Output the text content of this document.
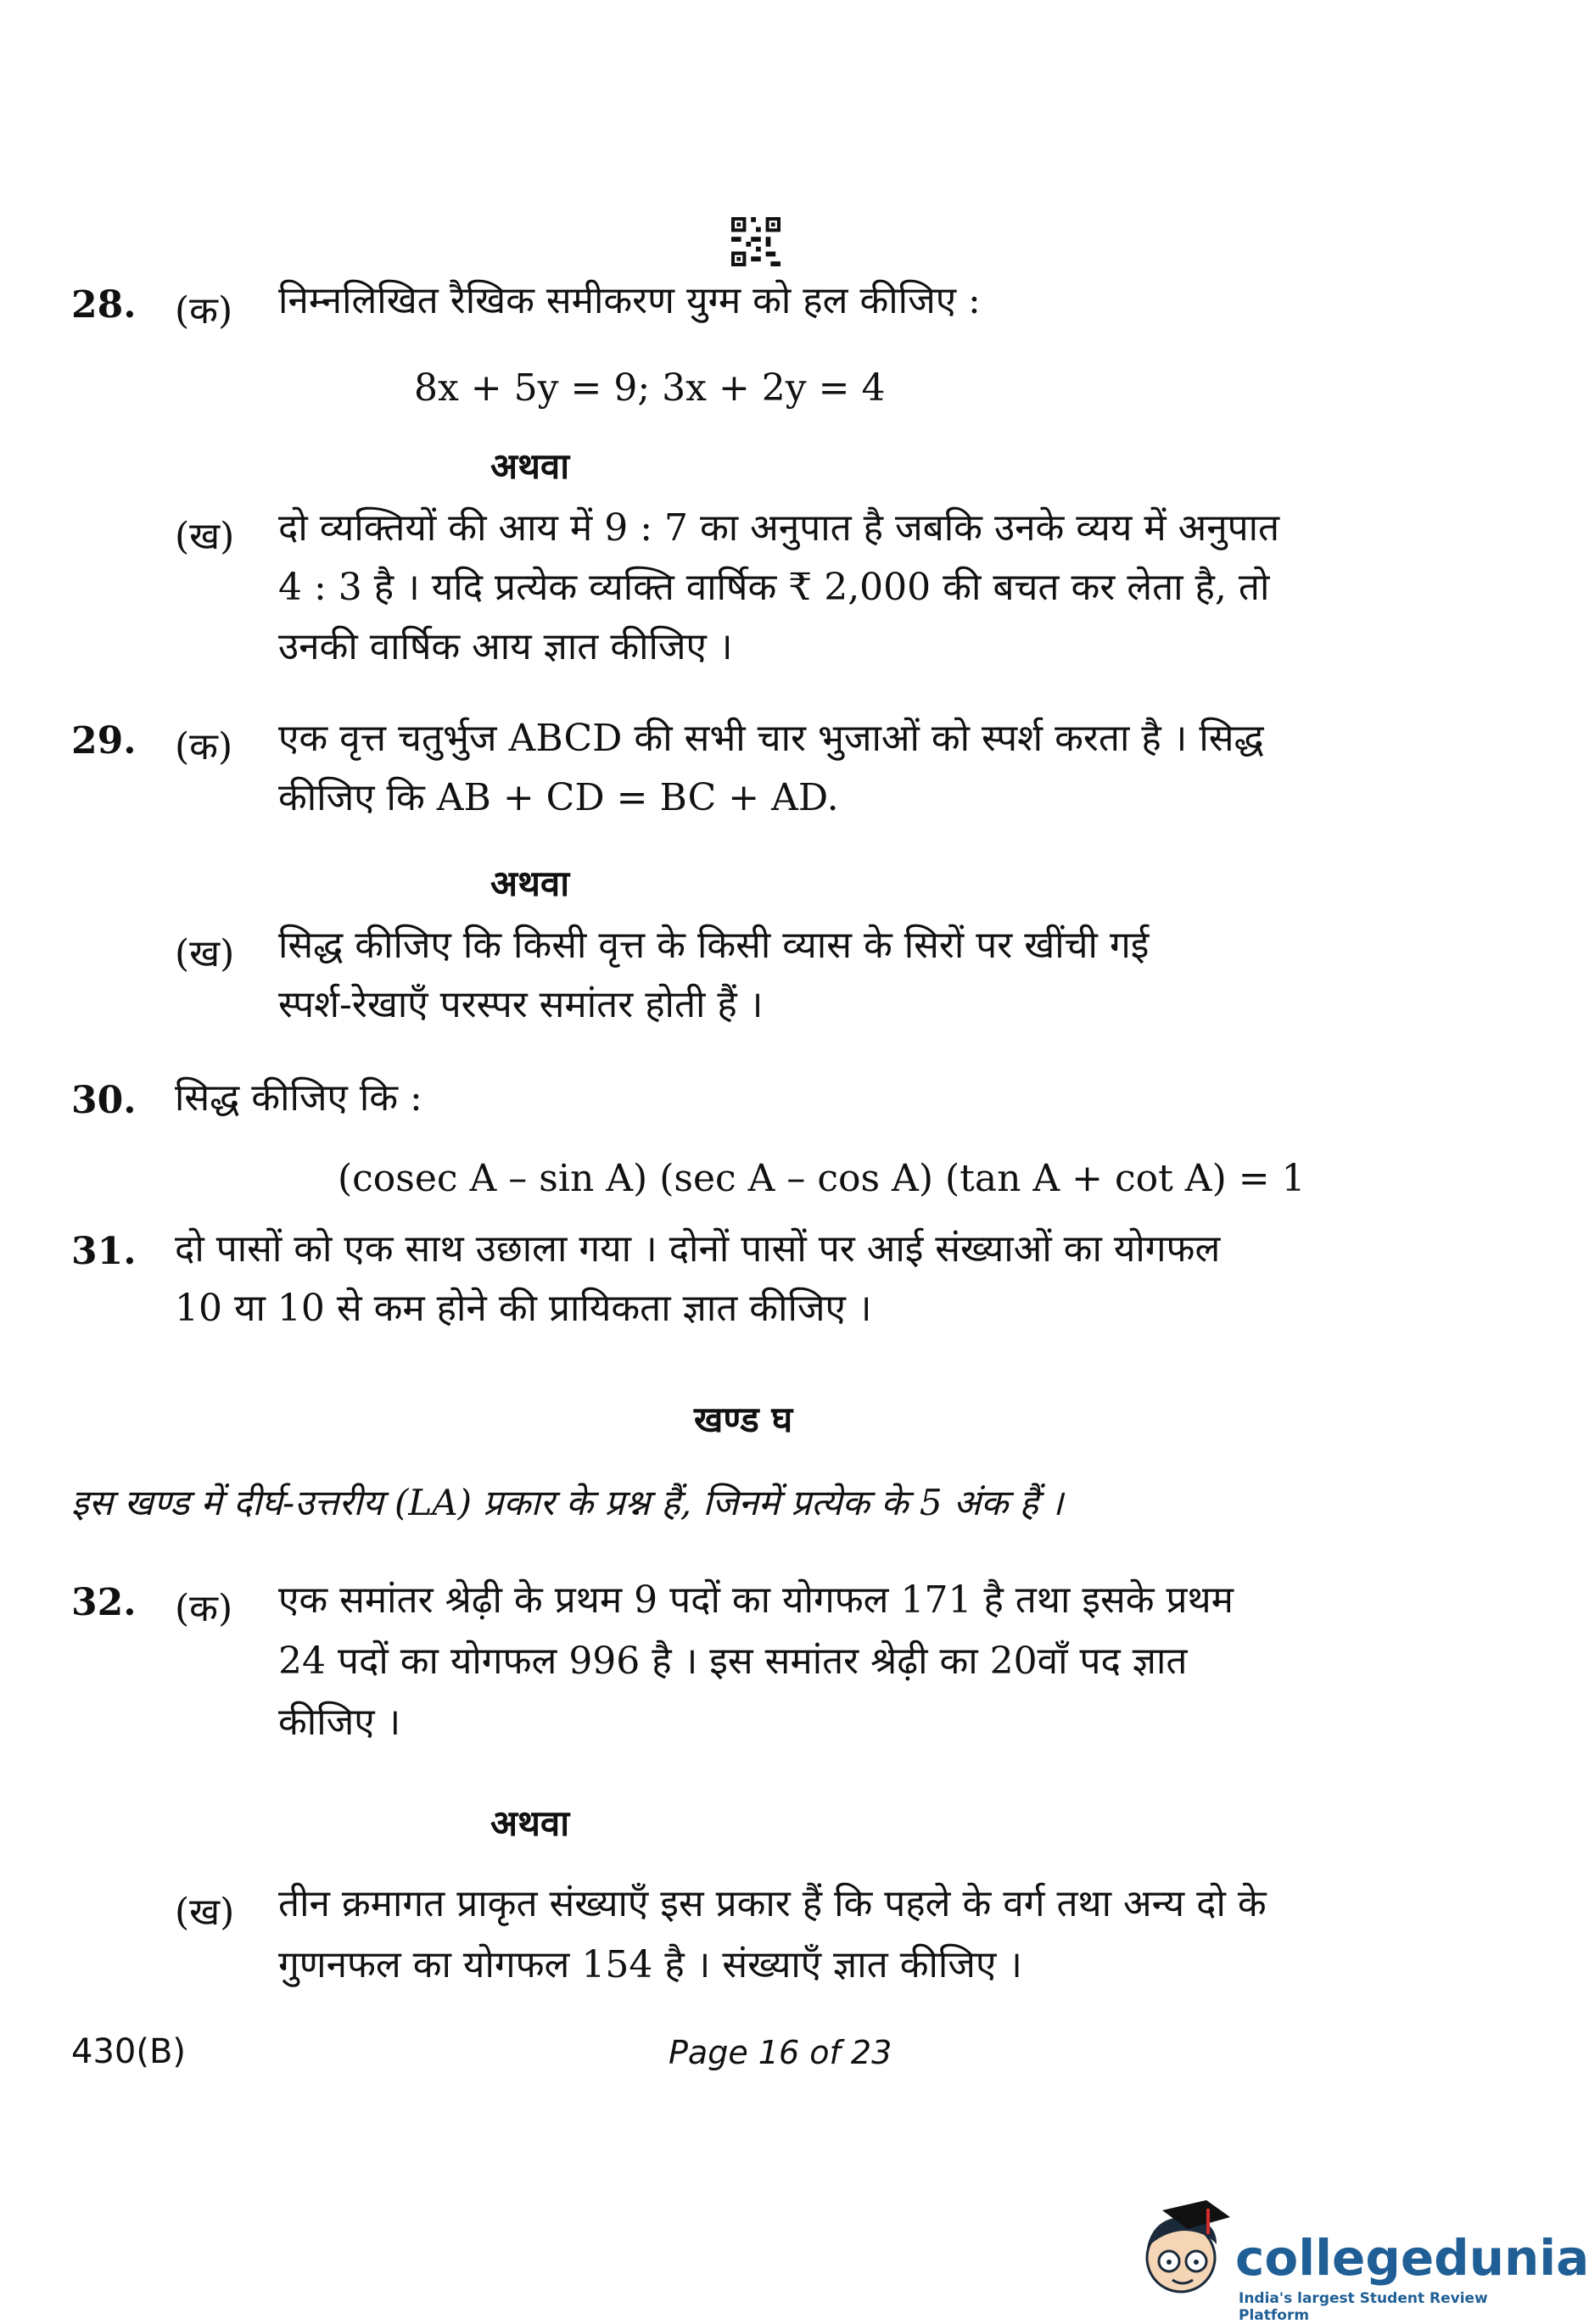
28. (क) निम्नलिखित रैखिक समीकरण युग्म को हल कीजिए :
8x + 5y = 9; 3x + 2y = 4
अथवा
(ख) दो व्यक्तियों की आय में 9 : 7 का अनुपात है जबकि उनके व्यय में अनुपात
4 : 3 है । यदि प्रत्येक व्यक्ति वार्षिक ₹ 2,000 की बचत कर लेता है, तो
उनकी वार्षिक आय ज्ञात कीजिए ।
29. (क) एक वृत्त चतुर्भुज ABCD की सभी चार भुजाओं को स्पर्श करता है । सिद्ध
कीजिए कि AB + CD = BC + AD.
अथवा
(ख) सिद्ध कीजिए कि किसी वृत्त के किसी व्यास के सिरों पर खींची गई
स्पर्श-रेखाएँ परस्पर समांतर होती हैं ।
30. सिद्ध कीजिए कि :
(cosec A – sin A) (sec A – cos A) (tan A + cot A) = 1
31. दो पासों को एक साथ उछाला गया । दोनों पासों पर आई संख्याओं का योगफल
10 या 10 से कम होने की प्रायिकता ज्ञात कीजिए ।
खण्ड घ
इस खण्ड में दीर्घ-उत्तरीय (LA) प्रकार के प्रश्न हैं, जिनमें प्रत्येक के 5 अंक हैं ।
32. (क) एक समांतर श्रेढ़ी के प्रथम 9 पदों का योगफल 171 है तथा इसके प्रथम
24 पदों का योगफल 996 है । इस समांतर श्रेढ़ी का 20वाँ पद ज्ञात
कीजिए ।
अथवा
(ख) तीन क्रमागत प्राकृत संख्याएँ इस प्रकार हैं कि पहले के वर्ग तथा अन्य दो के
गुणनफल का योगफल 154 है । संख्याएँ ज्ञात कीजिए ।
430(B)	Page 16 of 23
collegedunia
India's largest Student Review Platform
